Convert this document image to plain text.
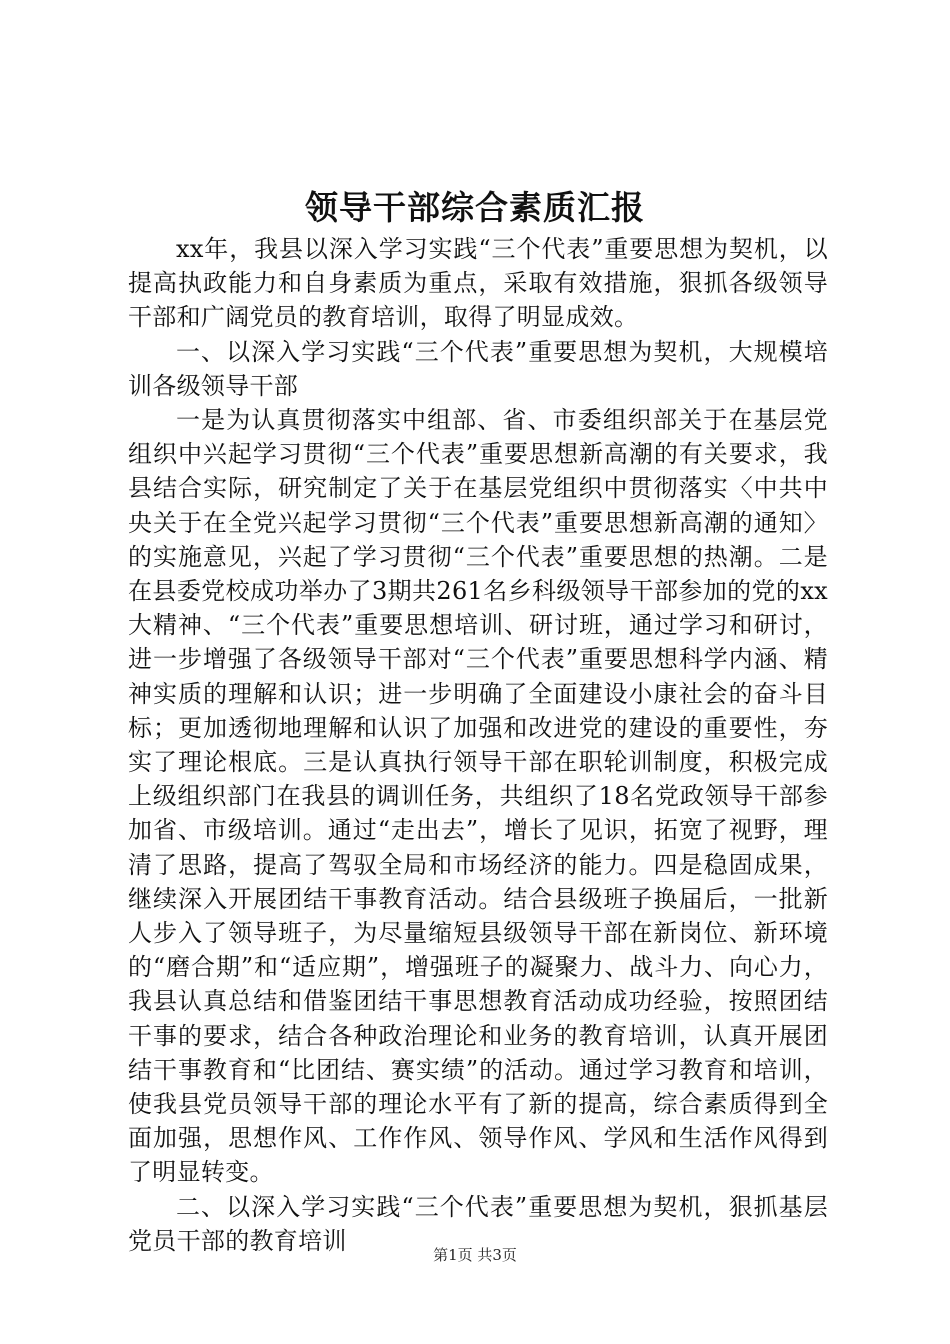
领导干部综合素质汇报

xx年，我县以深入学习实践“三个代表”重要思想为契机，以提高执政能力和自身素质为重点，采取有效措施，狠抓各级领导干部和广阔党员的教育培训，取得了明显成效。

一、以深入学习实践“三个代表”重要思想为契机，大规模培训各级领导干部

一是为认真贯彻落实中组部、省、市委组织部关于在基层党组织中兴起学习贯彻“三个代表”重要思想新高潮的有关要求，我县结合实际，研究制定了关于在基层党组织中贯彻落实〈中共中央关于在全党兴起学习贯彻“三个代表”重要思想新高潮的通知〉的实施意见，兴起了学习贯彻“三个代表”重要思想的热潮。二是在县委党校成功举办了3期共261名乡科级领导干部参加的党的xx大精神、“三个代表”重要思想培训、研讨班，通过学习和研讨，进一步增强了各级领导干部对“三个代表”重要思想科学内涵、精神实质的理解和认识；进一步明确了全面建设小康社会的奋斗目标；更加透彻地理解和认识了加强和改进党的建设的重要性，夯实了理论根底。三是认真执行领导干部在职轮训制度，积极完成上级组织部门在我县的调训任务，共组织了18名党政领导干部参加省、市级培训。通过“走出去”，增长了见识，拓宽了视野，理清了思路，提高了驾驭全局和市场经济的能力。四是稳固成果，继续深入开展团结干事教育活动。结合县级班子换届后，一批新人步入了领导班子，为尽量缩短县级领导干部在新岗位、新环境的“磨合期”和“适应期”，增强班子的凝聚力、战斗力、向心力，我县认真总结和借鉴团结干事思想教育活动成功经验，按照团结干事的要求，结合各种政治理论和业务的教育培训，认真开展团结干事教育和“比团结、赛实绩”的活动。通过学习教育和培训，使我县党员领导干部的理论水平有了新的提高，综合素质得到全面加强，思想作风、工作作风、领导作风、学风和生活作风得到了明显转变。

二、以深入学习实践“三个代表”重要思想为契机，狠抓基层党员干部的教育培训

第1页 共3页
